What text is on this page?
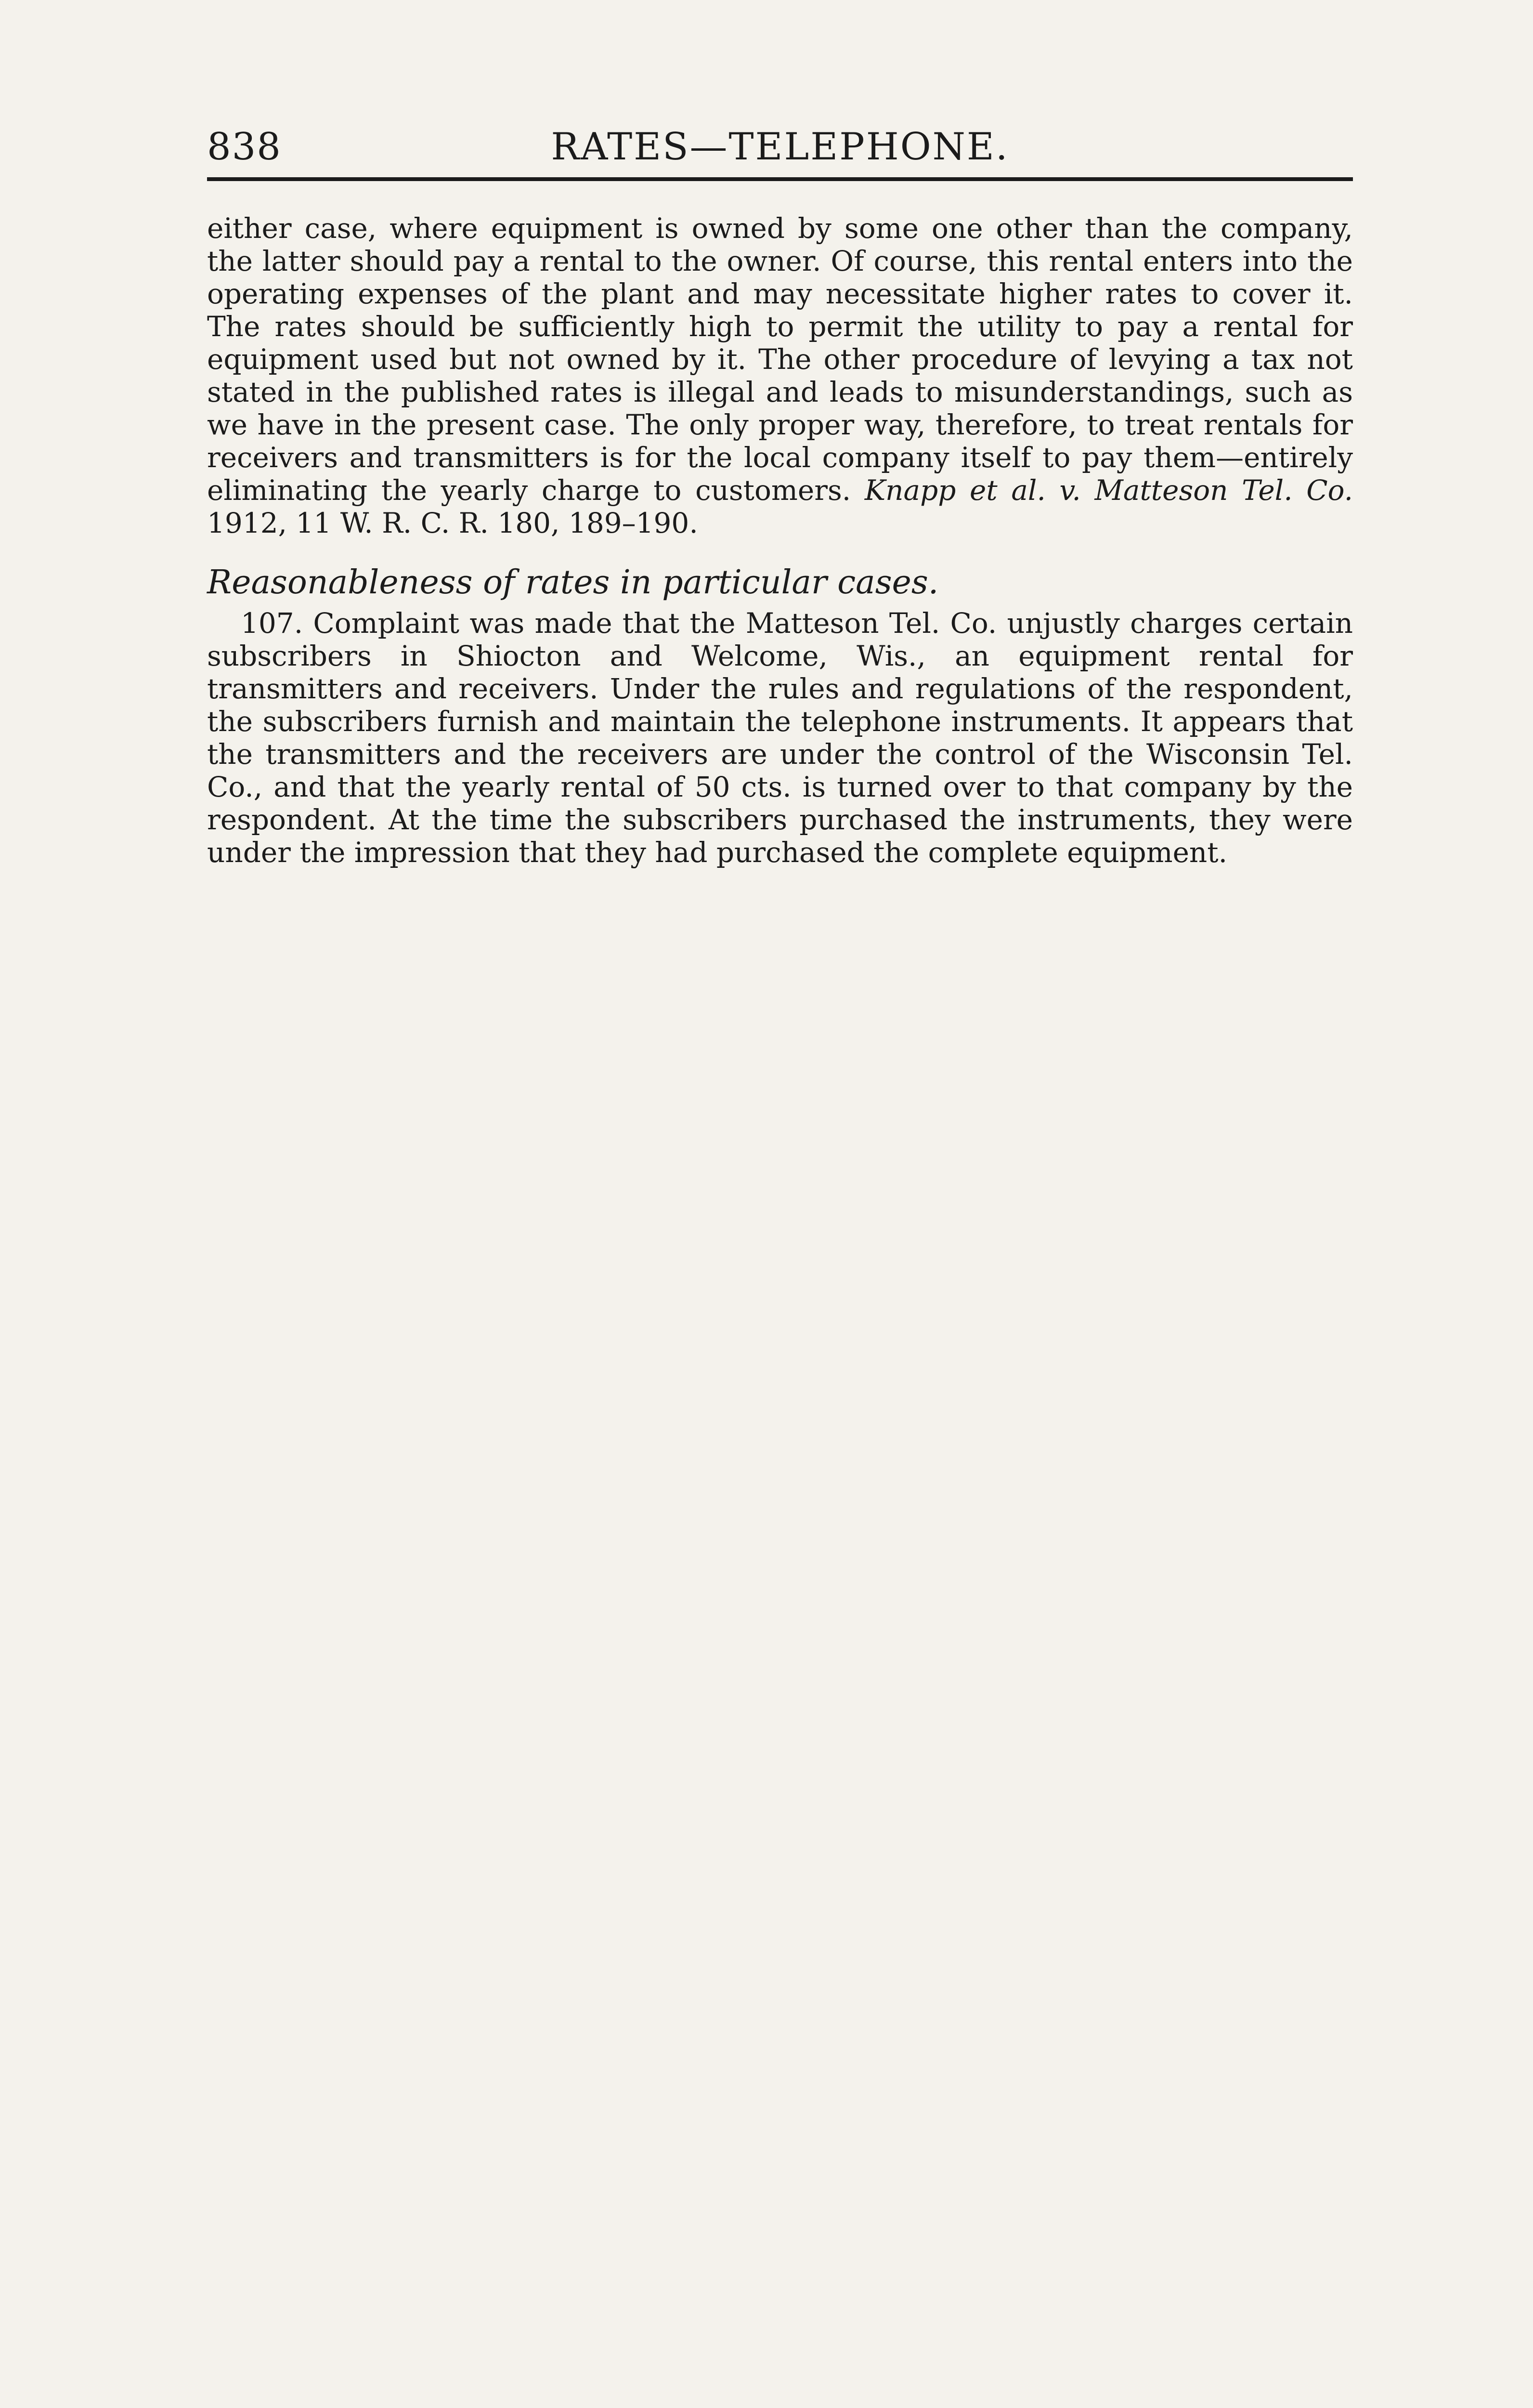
838	RATES—TELEPHONE.

either case, where equipment is owned by some one other than the company, the latter should pay a rental to the owner. Of course, this rental enters into the operating expenses of the plant and may necessitate higher rates to cover it. The rates should be sufficiently high to permit the utility to pay a rental for equipment used but not owned by it. The other procedure of levying a tax not stated in the published rates is illegal and leads to misunderstandings, such as we have in the present case. The only proper way, therefore, to treat rentals for receivers and transmitters is for the local company itself to pay them—entirely eliminating the yearly charge to customers. Knapp et al. v. Matteson Tel. Co. 1912, 11 W. R. C. R. 180, 189–190.

Reasonableness of rates in particular cases.

107. Complaint was made that the Matteson Tel. Co. unjustly charges certain subscribers in Shiocton and Welcome, Wis., an equipment rental for transmitters and receivers. Under the rules and regulations of the respondent, the subscribers furnish and maintain the telephone instruments. It appears that the transmitters and the receivers are under the control of the Wisconsin Tel. Co., and that the yearly rental of 50 cts. is turned over to that company by the respondent. At the time the subscribers purchased the instruments, they were under the impression that they had purchased the complete equipment.
